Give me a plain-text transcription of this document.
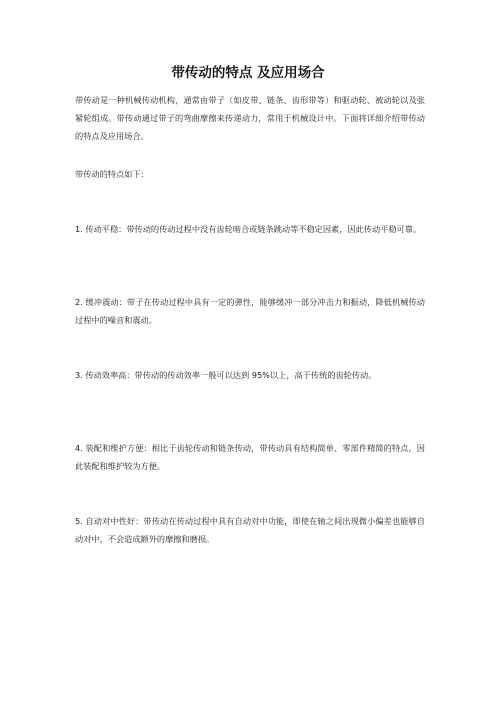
带传动的特点 及应用场合
带传动是一种机械传动机构，通常由带子（如皮带、链条、齿形带等）和驱动轮、被动轮以及张紧轮组成。带传动通过带子的弯曲摩擦来传递动力，常用于机械设计中。下面将详细介绍带传动的特点及应用场合。
带传动的特点如下：
1. 传动平稳：带传动的传动过程中没有齿轮啮合或链条跳动等不稳定因素，因此传动平稳可靠。
2. 缓冲震动：带子在传动过程中具有一定的弹性，能够缓冲一部分冲击力和振动，降低机械传动过程中的噪音和震动。
3. 传动效率高：带传动的传动效率一般可以达到 95%以上，高于传统的齿轮传动。
4. 装配和维护方便：相比于齿轮传动和链条传动，带传动具有结构简单、零部件精简的特点，因此装配和维护较为方便。
5. 自动对中性好：带传动在传动过程中具有自动对中功能，即使在轴之间出现微小偏差也能够自动对中，不会造成额外的摩擦和磨损。
